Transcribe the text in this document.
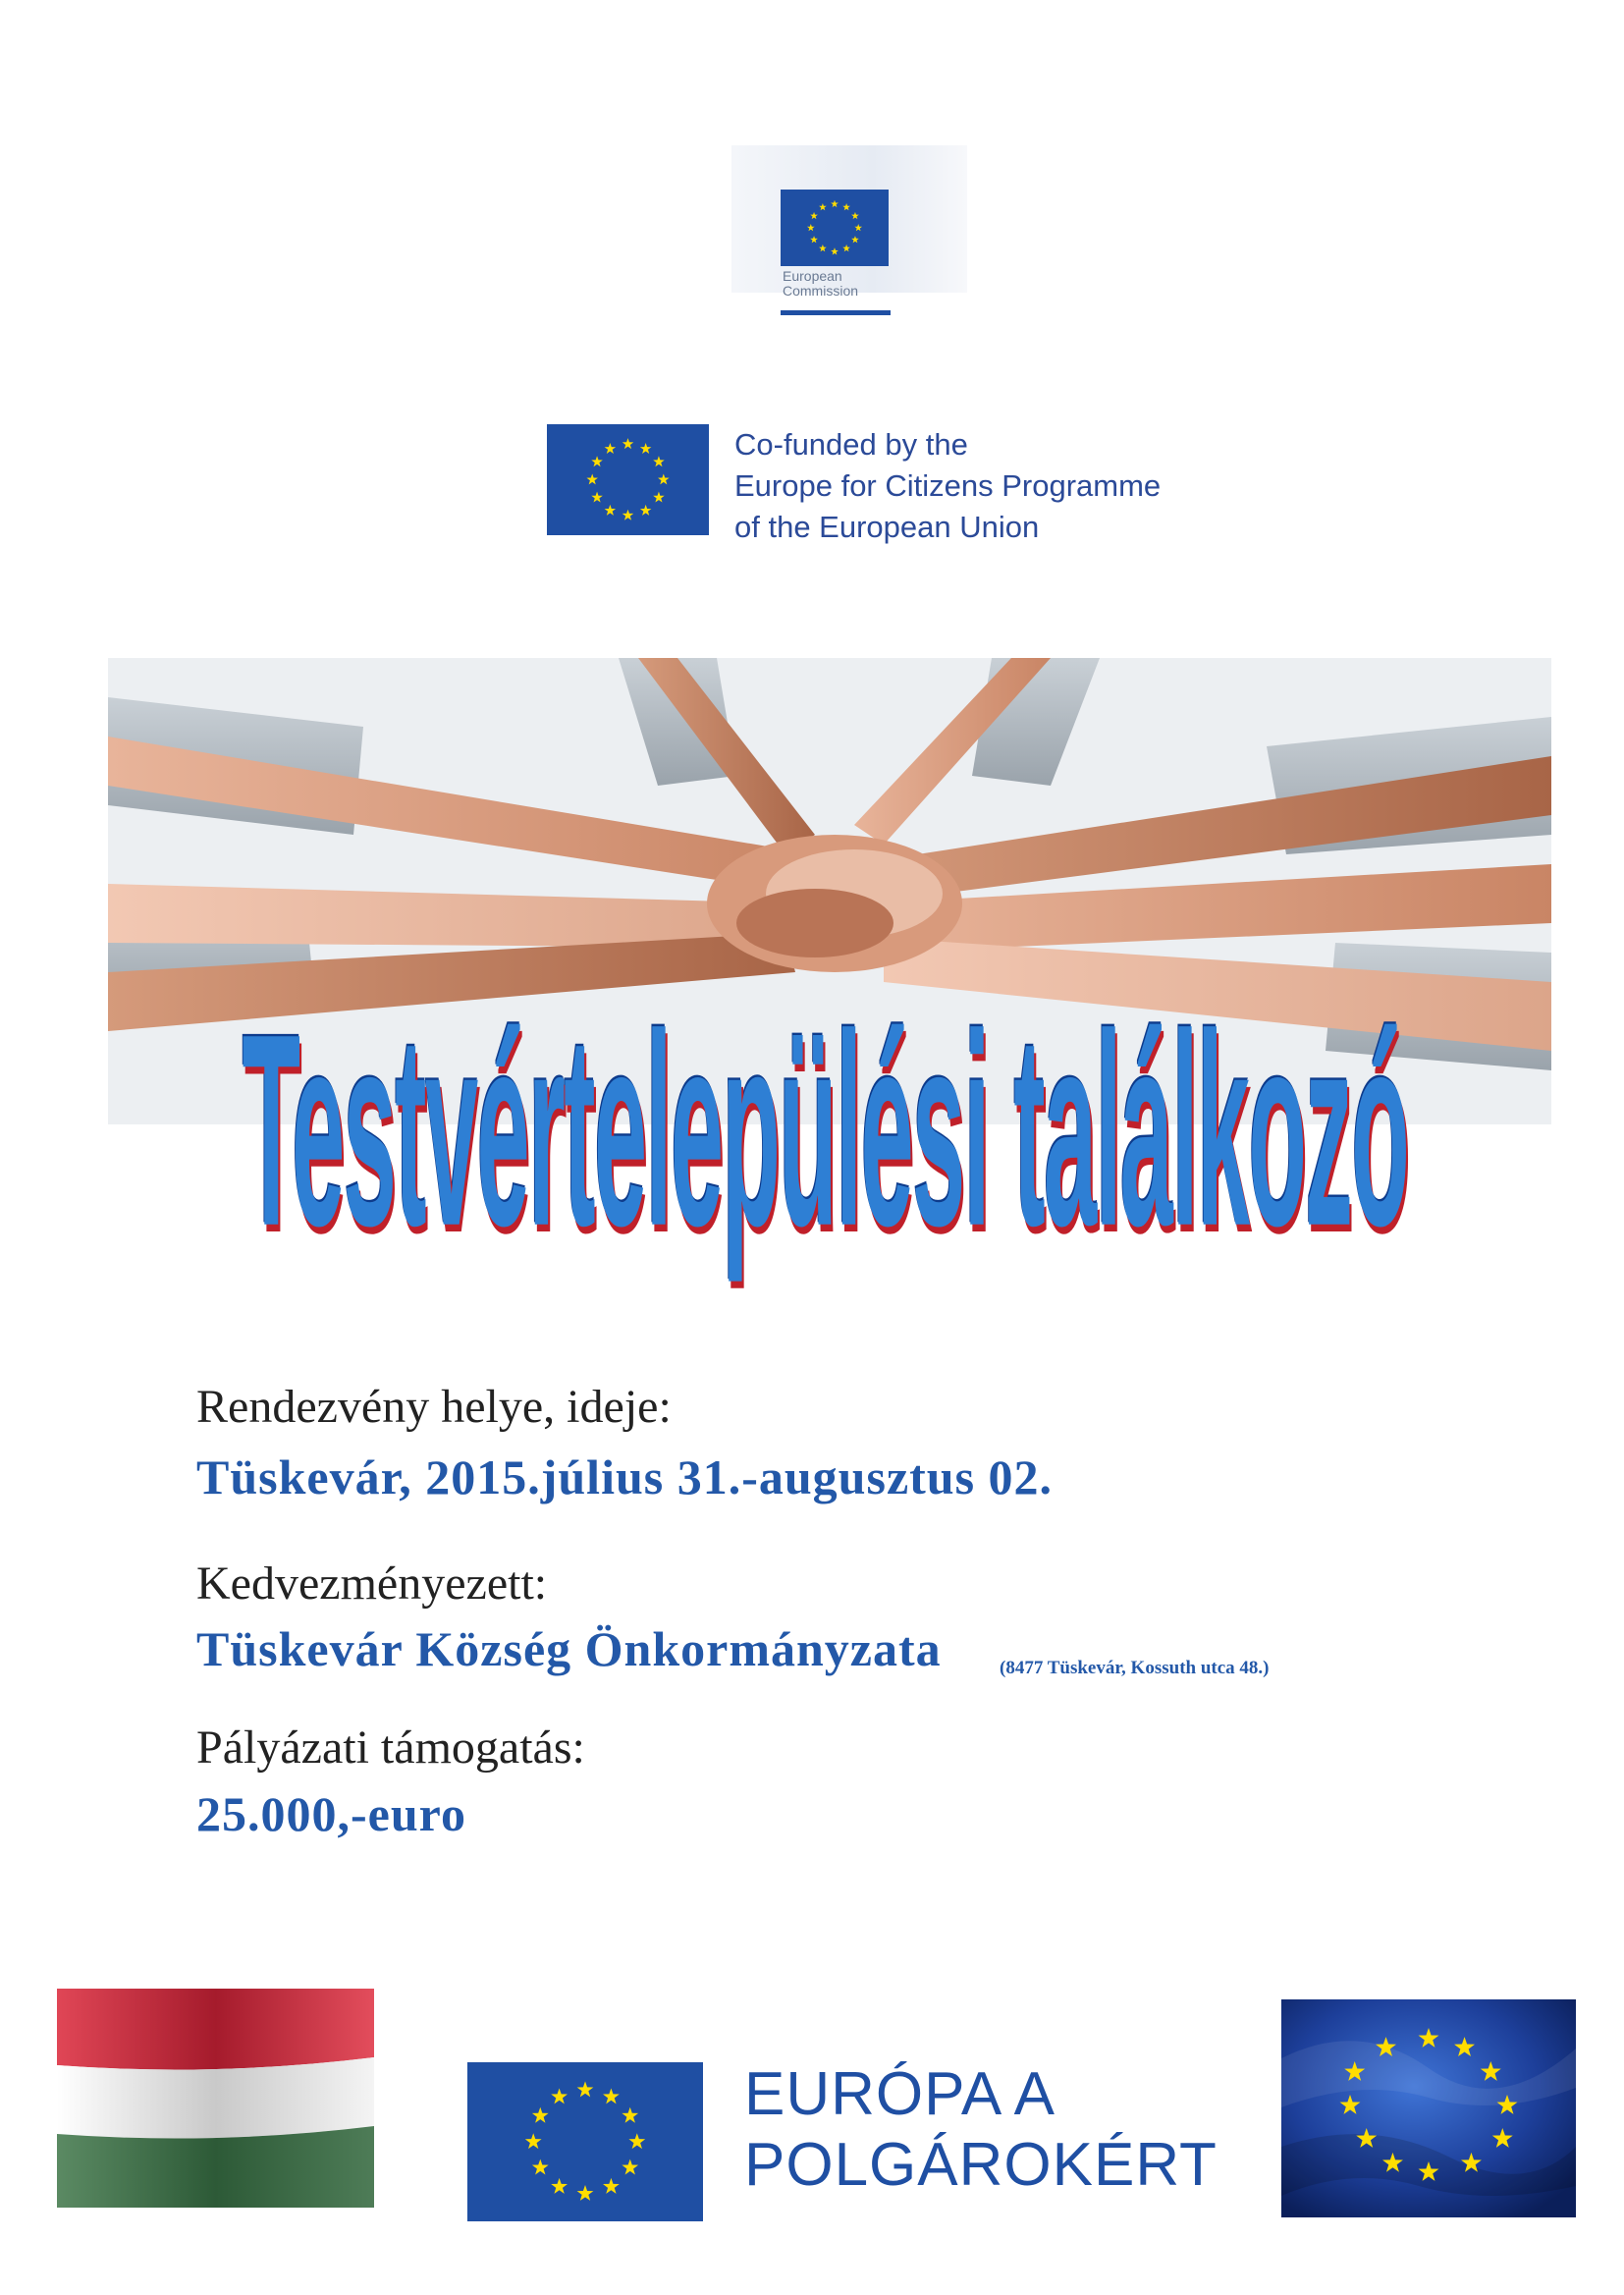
European
Commission
Co-funded by the
Europe for Citizens Programme
of the European Union
Testvértelepülési találkozó
Rendezvény helye, ideje:
Tüskevár, 2015.július 31.-augusztus 02.
Kedvezményezett:
Tüskevár Község Önkormányzata	(8477 Tüskevár, Kossuth utca 48.)
Pályázati támogatás:
25.000,-euro
EURÓPA A
POLGÁROKÉRT
